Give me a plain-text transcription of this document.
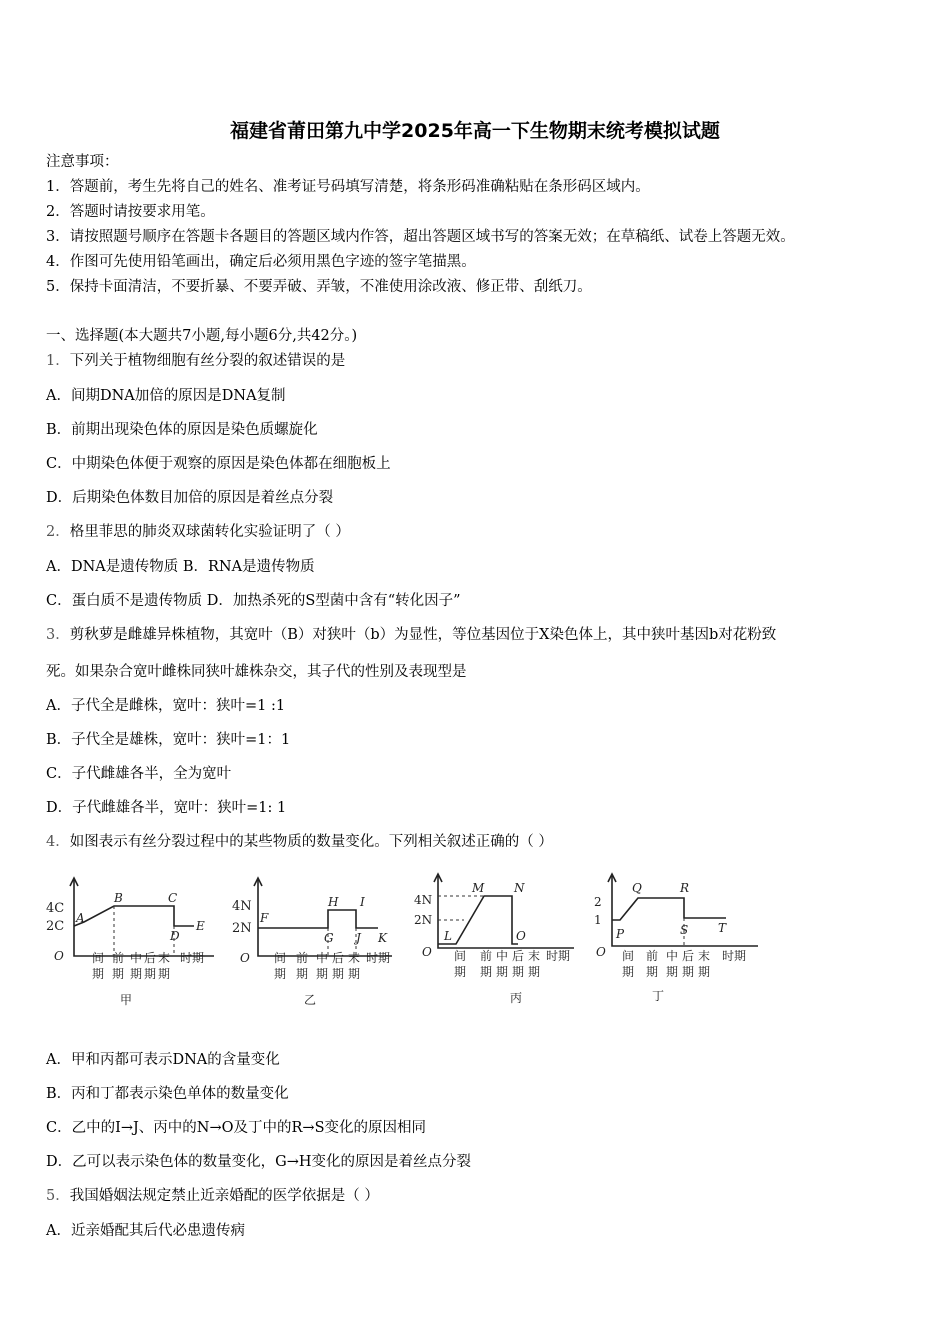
福建省莆田第九中学2025年高一下生物期末统考模拟试题
注意事项：
1．答题前，考生先将自己的姓名、准考证号码填写清楚，将条形码准确粘贴在条形码区域内。
2．答题时请按要求用笔。
3．请按照题号顺序在答题卡各题目的答题区域内作答，超出答题区域书写的答案无效；在草稿纸、试卷上答题无效。
4．作图可先使用铅笔画出，确定后必须用黑色字迹的签字笔描黑。
5．保持卡面清洁，不要折暴、不要弄破、弄皱，不准使用涂改液、修正带、刮纸刀。
一、选择题(本大题共7小题,每小题6分,共42分。)
1．下列关于植物细胞有丝分裂的叙述错误的是
A．间期DNA加倍的原因是DNA复制
B．前期出现染色体的原因是染色质螺旋化
C．中期染色体便于观察的原因是染色体都在细胞板上
D．后期染色体数目加倍的原因是着丝点分裂
2．格里菲思的肺炎双球菌转化实验证明了（ ）
A．DNA是遗传物质 B．RNA是遗传物质
C．蛋白质不是遗传物质 D．加热杀死的S型菌中含有“转化因子”
3．剪秋萝是雌雄异株植物，其宽叶（B）对狭叶（b）为显性，等位基因位于X染色体上，其中狭叶基因b对花粉致
死。如果杂合宽叶雌株同狭叶雄株杂交，其子代的性别及表现型是
A．子代全是雌株，宽叶：狭叶=1 :1
B．子代全是雄株，宽叶：狭叶=1：1
C．子代雌雄各半，全为宽叶
D．子代雌雄各半，宽叶：狭叶=1: 1
4．如图表示有丝分裂过程中的某些物质的数量变化。下列相关叙述正确的（ ）
4C
2C
A
B	C
D
E
O 间
期
前
期
中
期
后
期
末
期
时期
甲
4N
2N
F
G
H I
J K
O 间
期
前
期
中
期
后
期
末
期
时期
乙
4N
2N
L
M N
O
O 间
期
前
期
中
期
后
期
末
期
时期
丙
2
1
P
Q	R
S T
O 间
期
前
期
中
期
后
期
末
期
时期
丁
A．甲和丙都可表示DNA的含量变化
B．丙和丁都表示染色单体的数量变化
C．乙中的I→J、丙中的N→O及丁中的R→S变化的原因相同
D．乙可以表示染色体的数量变化，G→H变化的原因是着丝点分裂
5．我国婚姻法规定禁止近亲婚配的医学依据是（ ）
A．近亲婚配其后代必患遗传病
